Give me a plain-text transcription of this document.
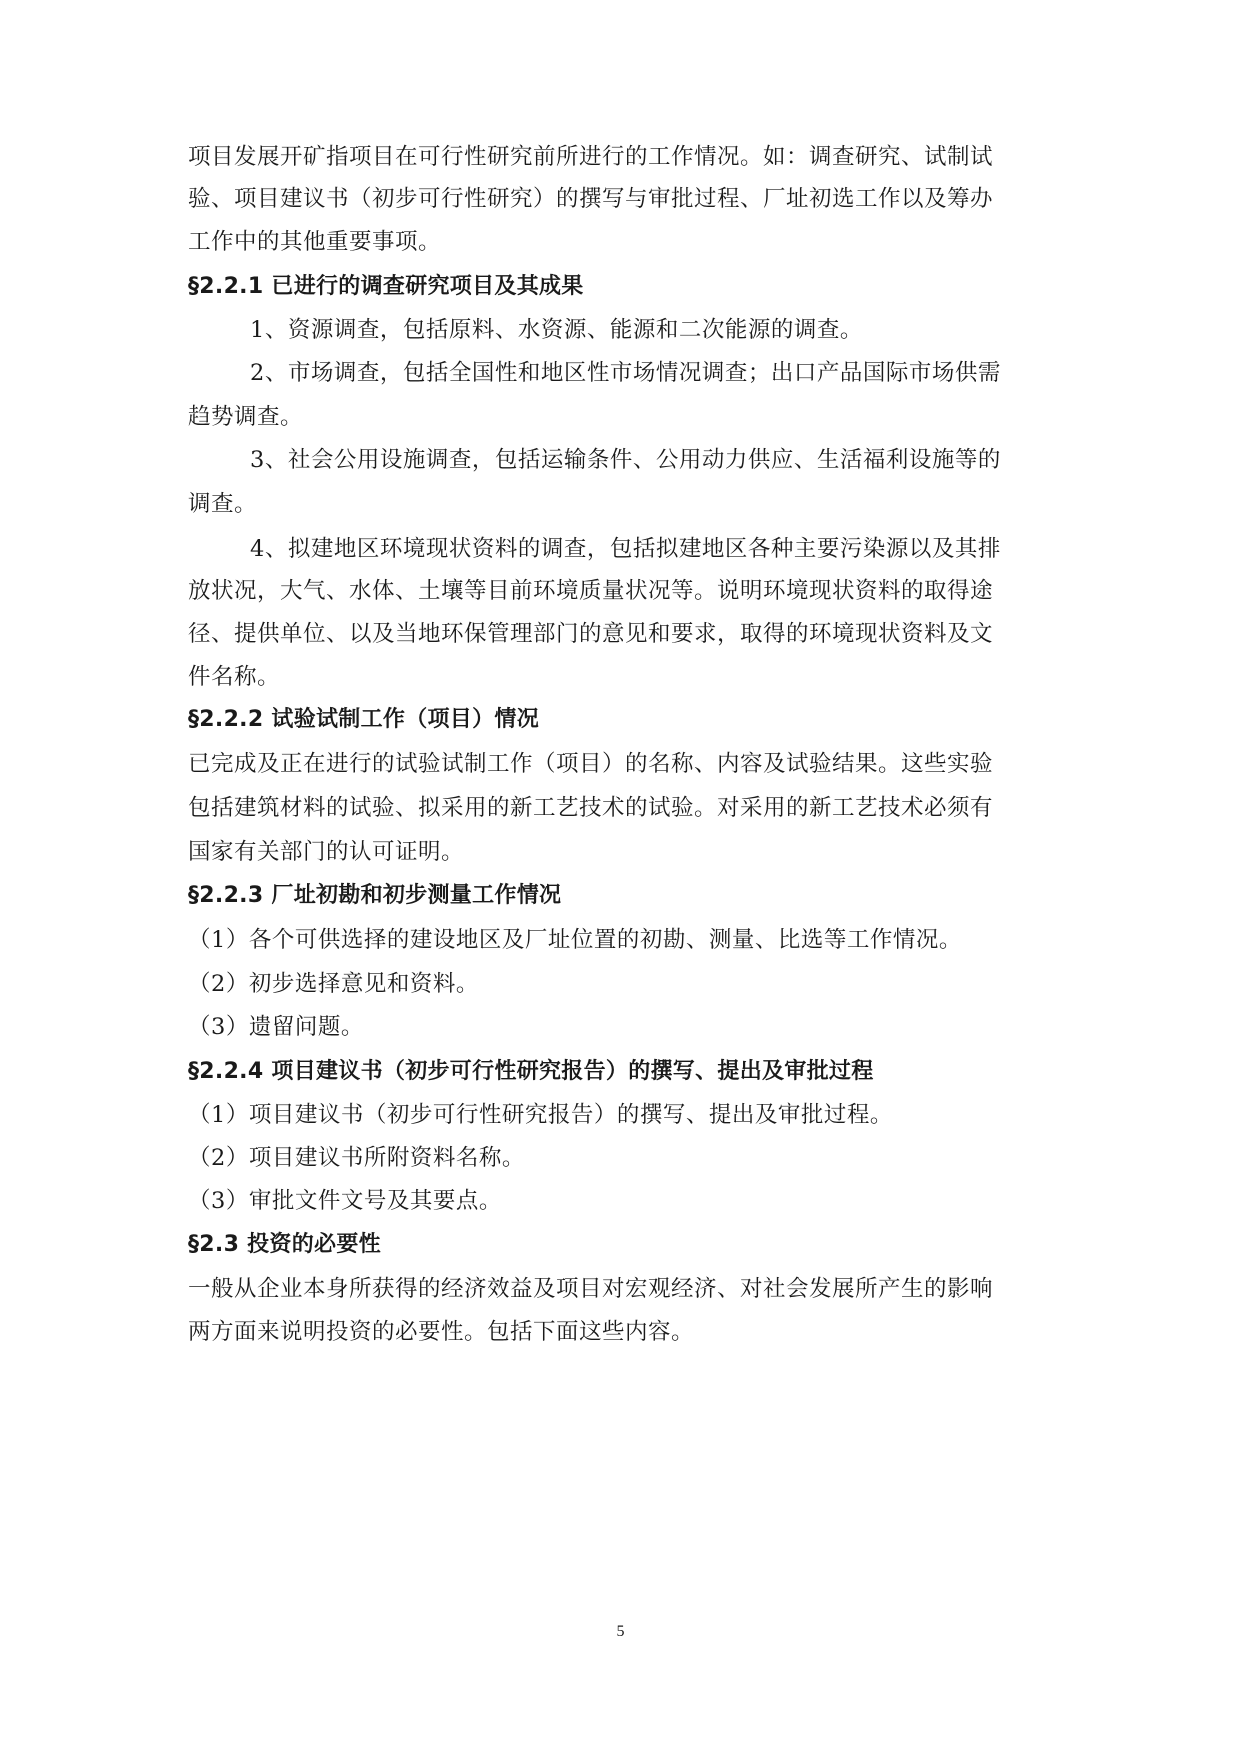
项目发展开矿指项目在可行性研究前所进行的工作情况。如：调查研究、试制试
验、项目建议书（初步可行性研究）的撰写与审批过程、厂址初选工作以及筹办
工作中的其他重要事项。
§2.2.1 已进行的调查研究项目及其成果
1、资源调查，包括原料、水资源、能源和二次能源的调查。
2、市场调查，包括全国性和地区性市场情况调查；出口产品国际市场供需
趋势调查。
3、社会公用设施调查，包括运输条件、公用动力供应、生活福利设施等的
调查。
4、拟建地区环境现状资料的调查，包括拟建地区各种主要污染源以及其排
放状况，大气、水体、土壤等目前环境质量状况等。说明环境现状资料的取得途
径、提供单位、以及当地环保管理部门的意见和要求，取得的环境现状资料及文
件名称。
§2.2.2 试验试制工作（项目）情况
已完成及正在进行的试验试制工作（项目）的名称、内容及试验结果。这些实验
包括建筑材料的试验、拟采用的新工艺技术的试验。对采用的新工艺技术必须有
国家有关部门的认可证明。
§2.2.3 厂址初勘和初步测量工作情况
（1）各个可供选择的建设地区及厂址位置的初勘、测量、比选等工作情况。
（2）初步选择意见和资料。
（3）遗留问题。
§2.2.4 项目建议书（初步可行性研究报告）的撰写、提出及审批过程
（1）项目建议书（初步可行性研究报告）的撰写、提出及审批过程。
（2）项目建议书所附资料名称。
（3）审批文件文号及其要点。
§2.3 投资的必要性
一般从企业本身所获得的经济效益及项目对宏观经济、对社会发展所产生的影响
两方面来说明投资的必要性。包括下面这些内容。
5
